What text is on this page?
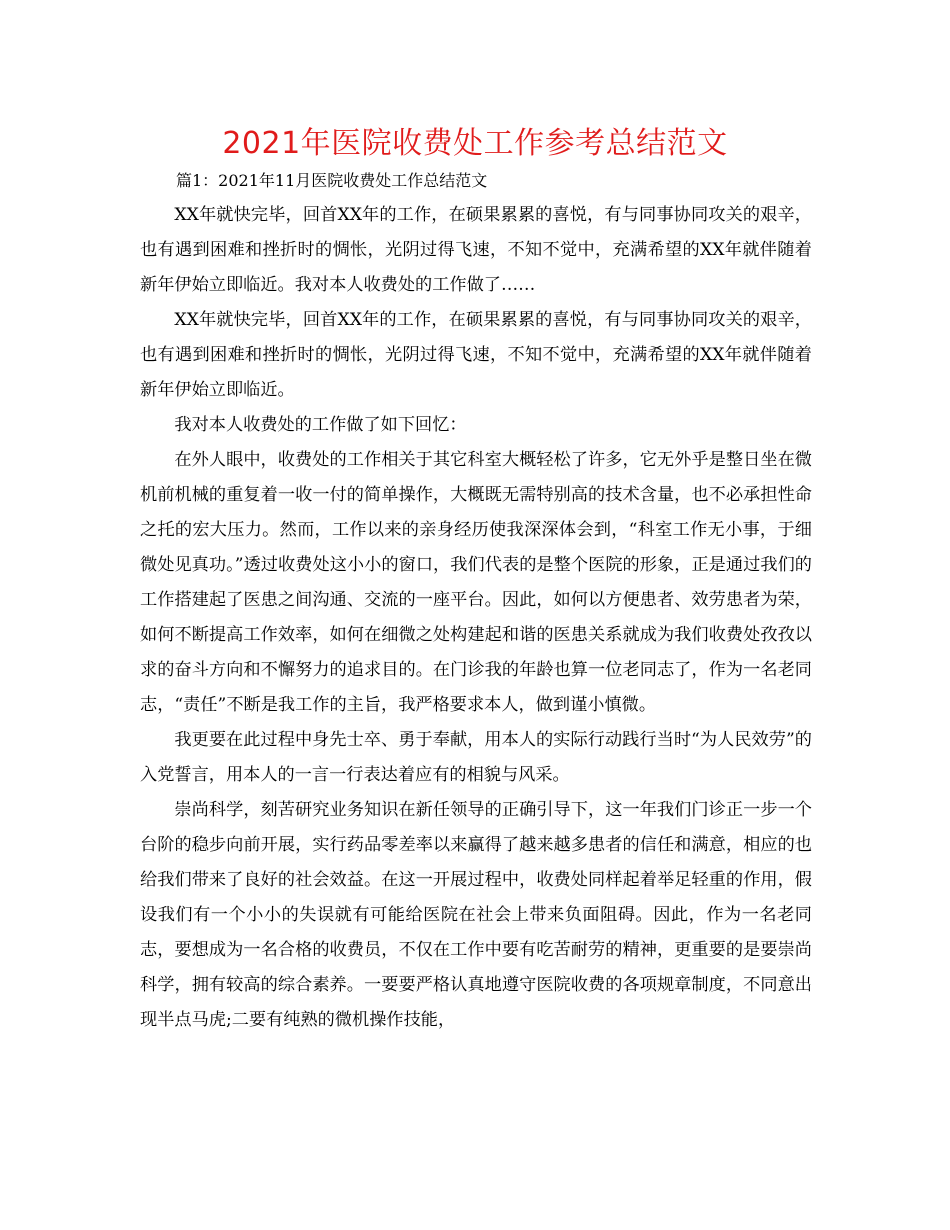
2021年医院收费处工作参考总结范文
篇1：2021年11月医院收费处工作总结范文

XX年就快完毕，回首XX年的工作，在硕果累累的喜悦，有与同事协同攻关的艰辛，也有遇到困难和挫折时的惆怅，光阴过得飞速，不知不觉中，充满希望的XX年就伴随着新年伊始立即临近。我对本人收费处的工作做了……

XX年就快完毕，回首XX年的工作，在硕果累累的喜悦，有与同事协同攻关的艰辛，也有遇到困难和挫折时的惆怅，光阴过得飞速，不知不觉中，充满希望的XX年就伴随着新年伊始立即临近。

我对本人收费处的工作做了如下回忆：

在外人眼中，收费处的工作相关于其它科室大概轻松了许多，它无外乎是整日坐在微机前机械的重复着一收一付的简单操作，大概既无需特别高的技术含量，也不必承担性命之托的宏大压力。然而，工作以来的亲身经历使我深深体会到，“科室工作无小事，于细微处见真功。”透过收费处这小小的窗口，我们代表的是整个医院的形象，正是通过我们的工作搭建起了医患之间沟通、交流的一座平台。因此，如何以方便患者、效劳患者为荣，如何不断提高工作效率，如何在细微之处构建起和谐的医患关系就成为我们收费处孜孜以求的奋斗方向和不懈努力的追求目的。在门诊我的年龄也算一位老同志了，作为一名老同志，“责任”不断是我工作的主旨，我严格要求本人，做到谨小慎微。

我更要在此过程中身先士卒、勇于奉献，用本人的实际行动践行当时“为人民效劳”的入党誓言，用本人的一言一行表达着应有的相貌与风采。

崇尚科学，刻苦研究业务知识在新任领导的正确引导下，这一年我们门诊正一步一个台阶的稳步向前开展，实行药品零差率以来赢得了越来越多患者的信任和满意，相应的也给我们带来了良好的社会效益。在这一开展过程中，收费处同样起着举足轻重的作用，假设我们有一个小小的失误就有可能给医院在社会上带来负面阻碍。因此，作为一名老同志，要想成为一名合格的收费员，不仅在工作中要有吃苦耐劳的精神，更重要的是要崇尚科学，拥有较高的综合素养。一要要严格认真地遵守医院收费的各项规章制度，不同意出现半点马虎;二要有纯熟的微机操作技能，
